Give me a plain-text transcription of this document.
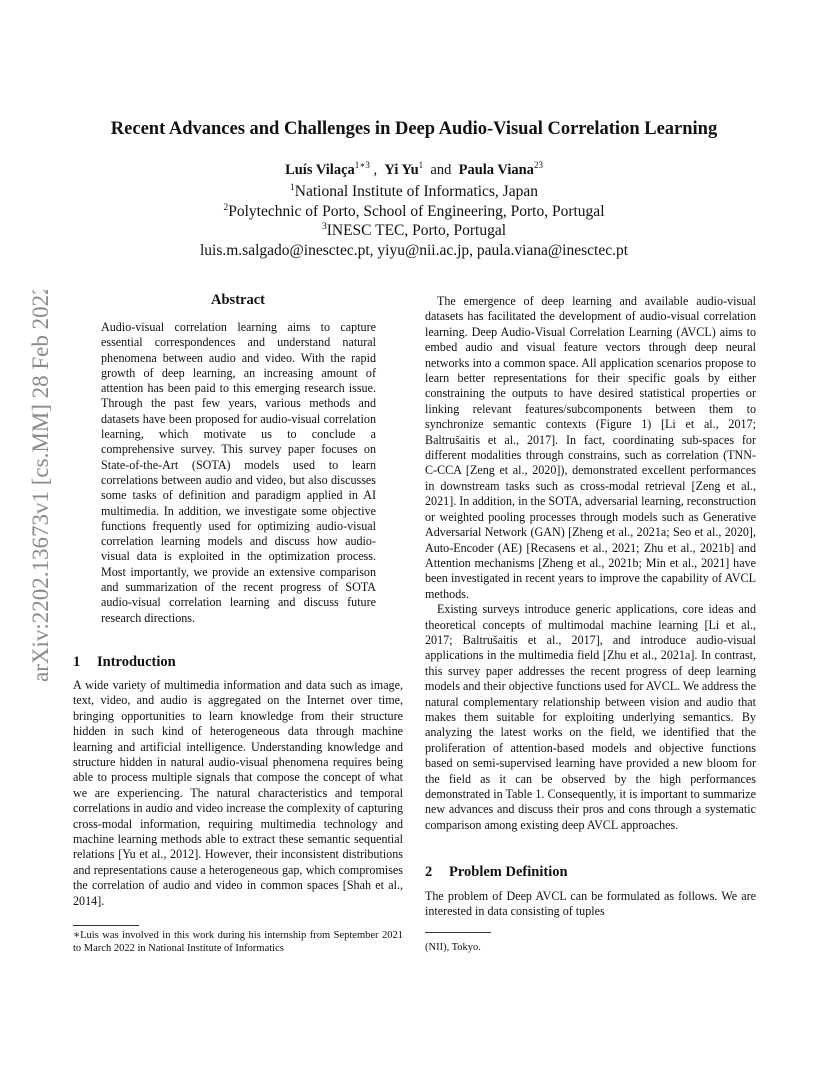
arXiv:2202.13673v1 [cs.MM] 28 Feb 2022
Recent Advances and Challenges in Deep Audio-Visual Correlation Learning
Luís Vilaça$^{1∗3}$ , Yi Yu$^1$ and Paula Viana$^{23}$
$^1$National Institute of Informatics, Japan
$^2$Polytechnic of Porto, School of Engineering, Porto, Portugal
$^3$INESC TEC, Porto, Portugal
luis.m.salgado@inesctec.pt, yiyu@nii.ac.jp, paula.viana@inesctec.pt
Abstract
Audio-visual correlation learning aims to capture essential correspondences and understand natural phenomena between audio and video. With the rapid growth of deep learning, an increasing amount of attention has been paid to this emerging research issue. Through the past few years, various methods and datasets have been proposed for audio-visual correlation learning, which motivate us to conclude a comprehensive survey. This survey paper focuses on State-of-the-Art (SOTA) models used to learn correlations between audio and video, but also discusses some tasks of definition and paradigm applied in AI multimedia. In addition, we investigate some objective functions frequently used for optimizing audio-visual correlation learning models and discuss how audio-visual data is exploited in the optimization process. Most importantly, we provide an extensive comparison and summarization of the recent progress of SOTA audio-visual correlation learning and discuss future research directions.
1 Introduction

A wide variety of multimedia information and data such as image, text, video, and audio is aggregated on the Internet over time, bringing opportunities to learn knowledge from their structure hidden in such kind of heterogeneous data through machine learning and artificial intelligence. Understanding knowledge and structure hidden in natural audio-visual phenomena requires being able to process multiple signals that compose the concept of what we are experiencing. The natural characteristics and temporal correlations in audio and video increase the complexity of capturing cross-modal information, requiring multimedia technology and machine learning methods able to extract these semantic sequential relations [Yu et al., 2012]. However, their inconsistent distributions and representations cause a heterogeneous gap, which compromises the correlation of audio and video in common spaces [Shah et al., 2014].

∗Luis was involved in this work during his internship from September 2021 to March 2022 in National Institute of Informatics

The emergence of deep learning and available audio-visual datasets has facilitated the development of audio-visual correlation learning. Deep Audio-Visual Correlation Learning (AVCL) aims to embed audio and visual feature vectors through deep neural networks into a common space. All application scenarios propose to learn better representations for their specific goals by either constraining the outputs to have desired statistical properties or linking relevant features/subcomponents between them to synchronize semantic contexts (Figure 1) [Li et al., 2017; Baltrušaitis et al., 2017]. In fact, coordinating sub-spaces for different modalities through constrains, such as correlation (TNN-C-CCA [Zeng et al., 2020]), demonstrated excellent performances in downstream tasks such as cross-modal retrieval [Zeng et al., 2021]. In addition, in the SOTA, adversarial learning, reconstruction or weighted pooling processes through models such as Generative Adversarial Network (GAN) [Zheng et al., 2021a; Seo et al., 2020], Auto-Encoder (AE) [Recasens et al., 2021; Zhu et al., 2021b] and Attention mechanisms [Zheng et al., 2021b; Min et al., 2021] have been investigated in recent years to improve the capability of AVCL methods.

Existing surveys introduce generic applications, core ideas and theoretical concepts of multimodal machine learning [Li et al., 2017; Baltrušaitis et al., 2017], and introduce audio-visual applications in the multimedia field [Zhu et al., 2021a]. In contrast, this survey paper addresses the recent progress of deep learning models and their objective functions used for AVCL. We address the natural complementary relationship between vision and audio that makes them suitable for exploiting underlying semantics. By analyzing the latest works on the field, we identified that the proliferation of attention-based models and objective functions based on semi-supervised learning have provided a new bloom for the field as it can be observed by the high performances demonstrated in Table 1. Consequently, it is important to summarize new advances and discuss their pros and cons through a systematic comparison among existing deep AVCL approaches.

2 Problem Definition

The problem of Deep AVCL can be formulated as follows. We are interested in data consisting of tuples

(NII), Tokyo.
